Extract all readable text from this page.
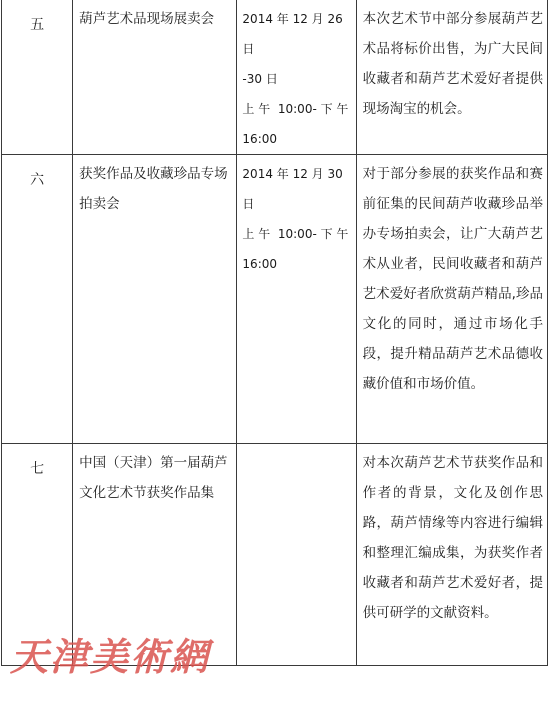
五	葫芦艺术品现场展卖会	2014 年 12 月 26 日
-30 日
上 午  10:00- 下 午
16:00	本次艺术节中部分参展葫芦艺术品将标价出售，为广大民间收藏者和葫芦艺术爱好者提供现场淘宝的机会。
六	获奖作品及收藏珍品专场拍卖会	2014 年 12 月 30 日
上 午  10:00- 下 午
16:00	对于部分参展的获奖作品和赛前征集的民间葫芦收藏珍品举办专场拍卖会，让广大葫芦艺术从业者，民间收藏者和葫芦艺术爱好者欣赏葫芦精品,珍品文化的同时，通过市场化手段，提升精品葫芦艺术品德收藏价值和市场价值。
七	中国（天津）第一届葫芦文化艺术节获奖作品集		对本次葫芦艺术节获奖作品和作者的背景，文化及创作思路，葫芦情缘等内容进行编辑和整理汇编成集，为获奖作者收藏者和葫芦艺术爱好者，提供可研学的文献资料。
天津美術網
